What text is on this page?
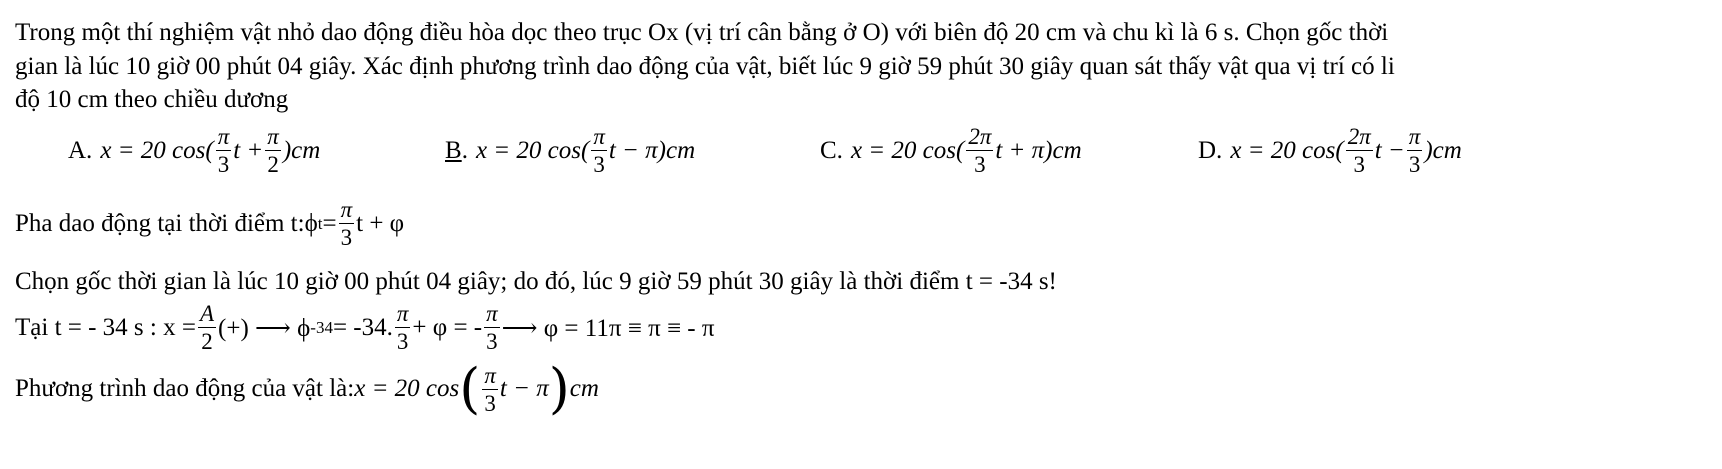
Trong một thí nghiệm vật nhỏ dao động điều hòa dọc theo trục Ox (vị trí cân bằng ở O) với biên độ 20 cm và chu kì là 6 s. Chọn gốc thời
gian là lúc 10 giờ 00 phút 04 giây. Xác định phương trình dao động của vật, biết lúc 9 giờ 59 phút 30 giây quan sát thấy vật qua vị trí có li
độ 10 cm theo chiều dương
A. x = 20 $\cos( \frac{\pi}{3}$ $t + \frac{\pi}{2} )cm$	B . x = 20 $\cos( \frac{\pi}{3}$ t − π)cm	C. x = 20 $\cos( \frac{2\pi}{3}$ t + π)cm	D. x = 20 $\cos( \frac{2\pi}{3}$ $t - \frac{\pi}{3} )cm$
Pha dao động tại thời điểm t: ϕ $t = \frac{\pi}{3}$ t + φ
Chọn gốc thời gian là lúc 10 giờ 00 phút 04 giây; do đó, lúc 9 giờ 59 phút 30 giây là thời điểm t = -34 s!
Tại t = - 34 s : $x = \frac{A}{2}$ (+) ⟶ ϕ -34 = -34. $\frac{\pi}{3} + \varphi$ = - $\frac{\pi}{3}$ ⟶ φ = 11π ≡ π ≡ - π
Phương trình dao động của vật là: x = 20 cos ( $\frac{\pi}{3}$ t − π ) cm
